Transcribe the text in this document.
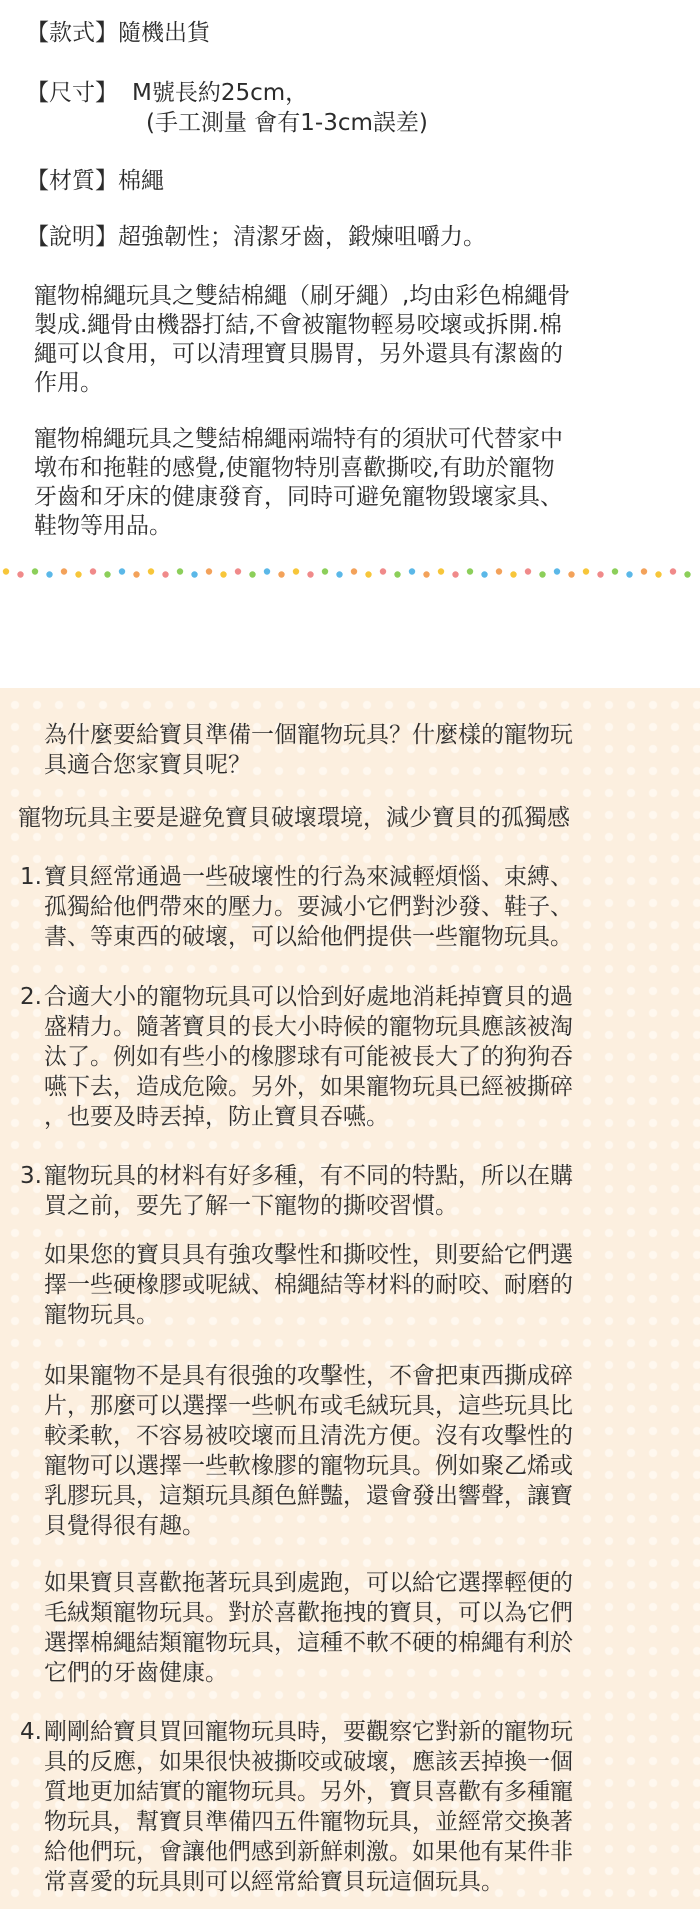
【款式】隨機出貨
【尺寸】 M號長約25cm，
(手工測量 會有1-3cm誤差)
【材質】棉繩
【說明】超強韌性；清潔牙齒，鍛煉咀嚼力。
寵物棉繩玩具之雙結棉繩（刷牙繩）,均由彩色棉繩骨
製成.繩骨由機器打結,不會被寵物輕易咬壞或拆開.棉
繩可以食用，可以清理寶貝腸胃，另外還具有潔齒的
作用。
寵物棉繩玩具之雙結棉繩兩端特有的須狀可代替家中
墩布和拖鞋的感覺,使寵物特別喜歡撕咬,有助於寵物
牙齒和牙床的健康發育，同時可避免寵物毀壞家具、
鞋物等用品。
為什麼要給寶貝準備一個寵物玩具？什麼樣的寵物玩
具適合您家寶貝呢？
寵物玩具主要是避免寶貝破壞環境，減少寶貝的孤獨感
1. 寶貝經常通過一些破壞性的行為來減輕煩惱、束縛、
孤獨給他們帶來的壓力。要減小它們對沙發、鞋子、
書、等東西的破壞，可以給他們提供一些寵物玩具。
2. 合適大小的寵物玩具可以恰到好處地消耗掉寶貝的過
盛精力。隨著寶貝的長大小時候的寵物玩具應該被淘
汰了。例如有些小的橡膠球有可能被長大了的狗狗吞
嚥下去，造成危險。另外，如果寵物玩具已經被撕碎
，也要及時丟掉，防止寶貝吞嚥。
3. 寵物玩具的材料有好多種，有不同的特點，所以在購
買之前，要先了解一下寵物的撕咬習慣。
如果您的寶貝具有強攻擊性和撕咬性，則要給它們選
擇一些硬橡膠或呢絨、棉繩結等材料的耐咬、耐磨的
寵物玩具。
如果寵物不是具有很強的攻擊性，不會把東西撕成碎
片，那麼可以選擇一些帆布或毛絨玩具，這些玩具比
較柔軟，不容易被咬壞而且清洗方便。沒有攻擊性的
寵物可以選擇一些軟橡膠的寵物玩具。例如聚乙烯或
乳膠玩具，這類玩具顏色鮮豔，還會發出響聲，讓寶
貝覺得很有趣。
如果寶貝喜歡拖著玩具到處跑，可以給它選擇輕便的
毛絨類寵物玩具。對於喜歡拖拽的寶貝，可以為它們
選擇棉繩結類寵物玩具，這種不軟不硬的棉繩有利於
它們的牙齒健康。
4. 剛剛給寶貝買回寵物玩具時，要觀察它對新的寵物玩
具的反應，如果很快被撕咬或破壞，應該丟掉換一個
質地更加結實的寵物玩具。另外，寶貝喜歡有多種寵
物玩具，幫寶貝準備四五件寵物玩具，並經常交換著
給他們玩，會讓他們感到新鮮刺激。如果他有某件非
常喜愛的玩具則可以經常給寶貝玩這個玩具。
